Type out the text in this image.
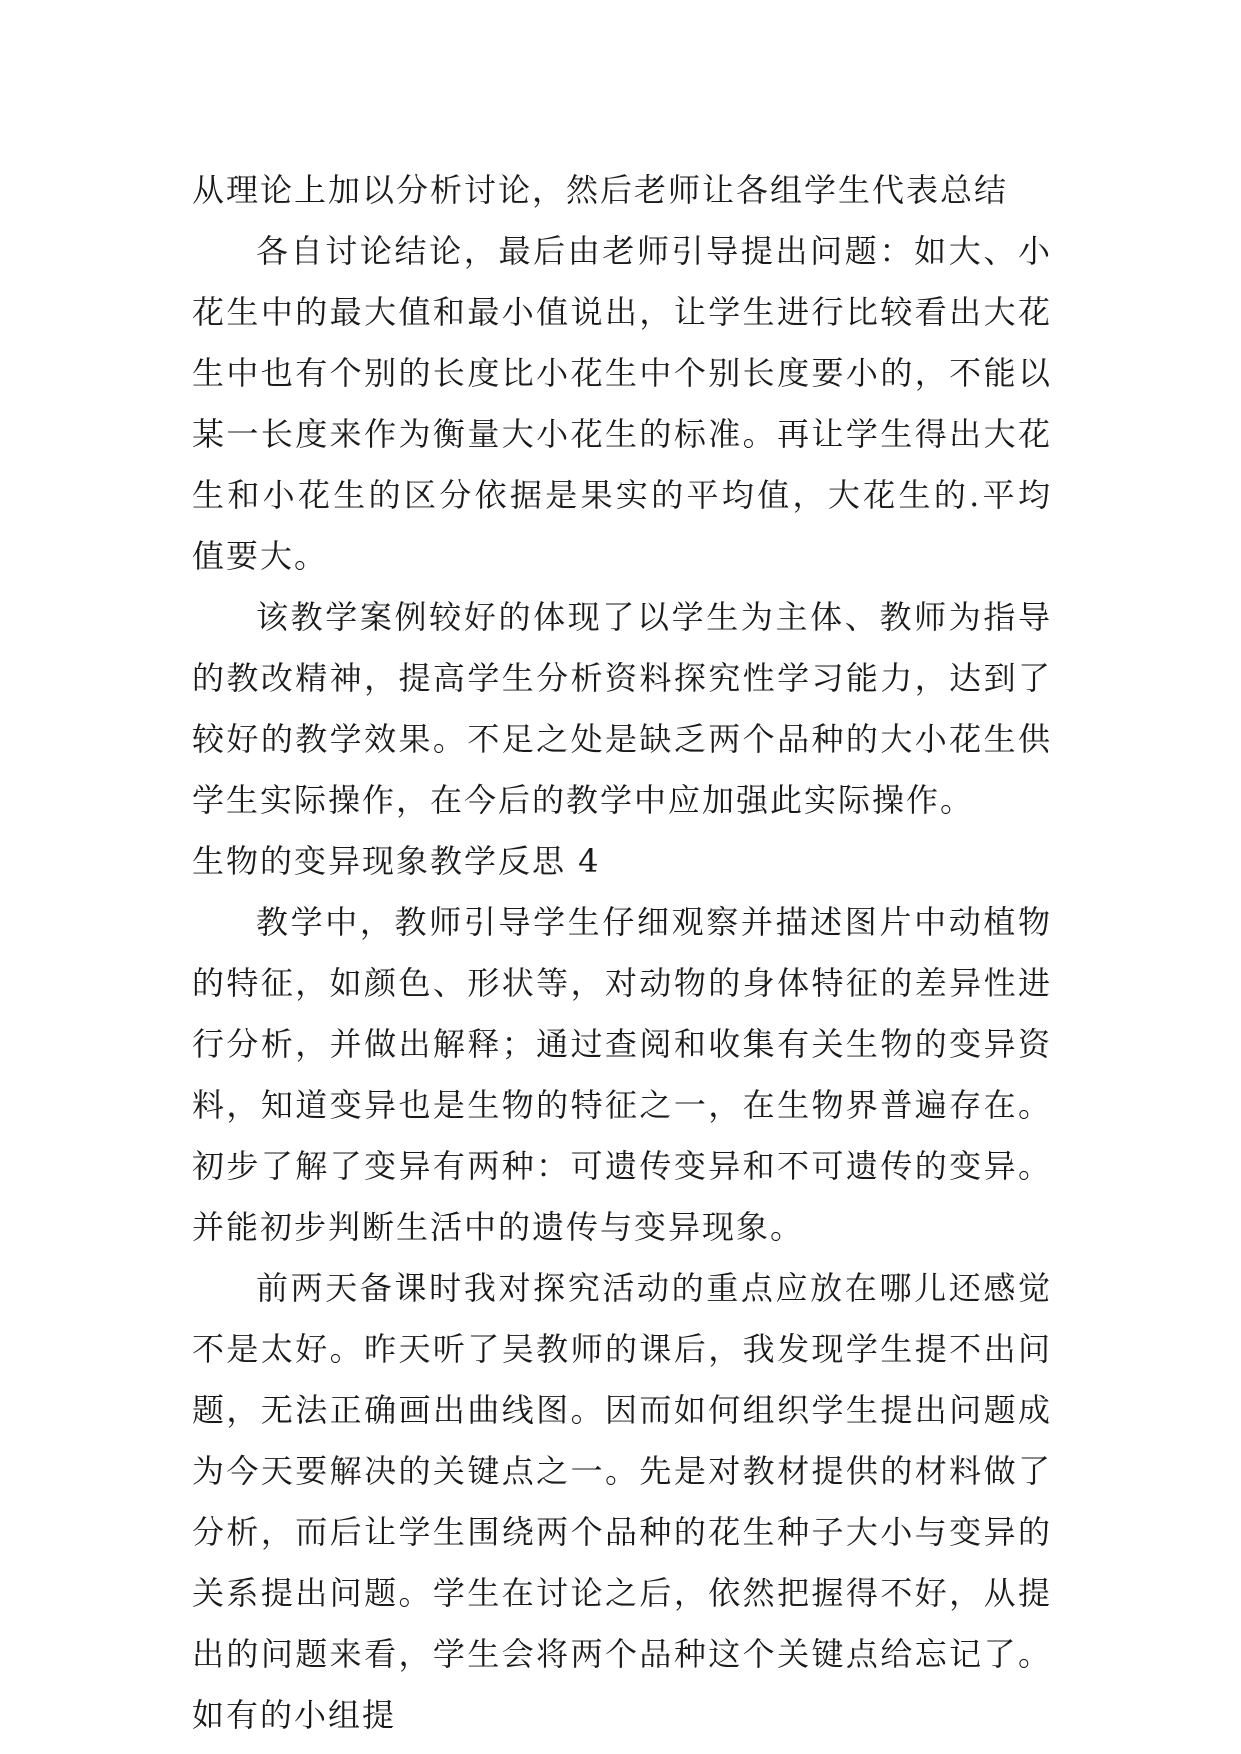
从理论上加以分析讨论，然后老师让各组学生代表总结

各自讨论结论，最后由老师引导提出问题：如大、小花生中的最大值和最小值说出，让学生进行比较看出大花生中也有个别的长度比小花生中个别长度要小的，不能以某一长度来作为衡量大小花生的标准。再让学生得出大花生和小花生的区分依据是果实的平均值，大花生的.平均值要大。

该教学案例较好的体现了以学生为主体、教师为指导的教改精神，提高学生分析资料探究性学习能力，达到了较好的教学效果。不足之处是缺乏两个品种的大小花生供学生实际操作，在今后的教学中应加强此实际操作。

生物的变异现象教学反思 4

教学中，教师引导学生仔细观察并描述图片中动植物的特征，如颜色、形状等，对动物的身体特征的差异性进行分析，并做出解释；通过查阅和收集有关生物的变异资料，知道变异也是生物的特征之一，在生物界普遍存在。初步了解了变异有两种：可遗传变异和不可遗传的变异。并能初步判断生活中的遗传与变异现象。

前两天备课时我对探究活动的重点应放在哪儿还感觉不是太好。昨天听了吴教师的课后，我发现学生提不出问题，无法正确画出曲线图。因而如何组织学生提出问题成为今天要解决的关键点之一。先是对教材提供的材料做了分析，而后让学生围绕两个品种的花生种子大小与变异的关系提出问题。学生在讨论之后，依然把握得不好，从提出的问题来看，学生会将两个品种这个关键点给忘记了。如有的小组提
